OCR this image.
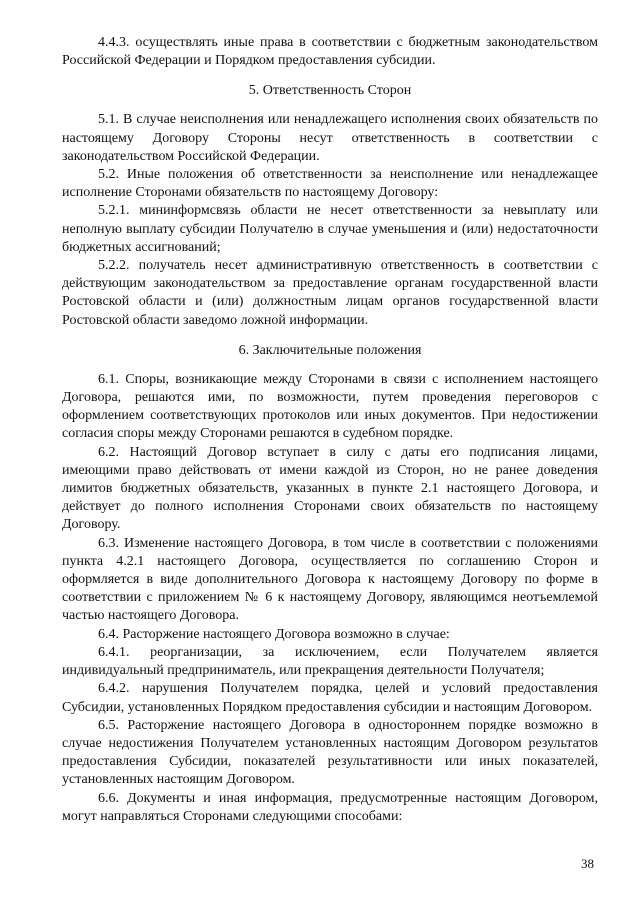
4.4.3. осуществлять иные права в соответствии с бюджетным законодательством Российской Федерации и Порядком предоставления субсидии.

5. Ответственность Сторон

5.1. В случае неисполнения или ненадлежащего исполнения своих обязательств по настоящему Договору Стороны несут ответственность в соответствии с законодательством Российской Федерации.

5.2. Иные положения об ответственности за неисполнение или ненадлежащее исполнение Сторонами обязательств по настоящему Договору:

5.2.1. мининформсвязь области не несет ответственности за невыплату или неполную выплату субсидии Получателю в случае уменьшения и (или) недостаточности бюджетных ассигнований;

5.2.2. получатель несет административную ответственность в соответствии с действующим законодательством за предоставление органам государственной власти Ростовской области и (или) должностным лицам органов государственной власти Ростовской области заведомо ложной информации.

6. Заключительные положения

6.1. Споры, возникающие между Сторонами в связи с исполнением настоящего Договора, решаются ими, по возможности, путем проведения переговоров с оформлением соответствующих протоколов или иных документов. При недостижении согласия споры между Сторонами решаются в судебном порядке.

6.2. Настоящий Договор вступает в силу с даты его подписания лицами, имеющими право действовать от имени каждой из Сторон, но не ранее доведения лимитов бюджетных обязательств, указанных в пункте 2.1 настоящего Договора, и действует до полного исполнения Сторонами своих обязательств по настоящему Договору.

6.3. Изменение настоящего Договора, в том числе в соответствии с положениями пункта 4.2.1 настоящего Договора, осуществляется по соглашению Сторон и оформляется в виде дополнительного Договора к настоящему Договору по форме в соответствии с приложением № 6 к настоящему Договору, являющимся неотъемлемой частью настоящего Договора.

6.4. Расторжение настоящего Договора возможно в случае:

6.4.1. реорганизации, за исключением, если Получателем является индивидуальный предприниматель, или прекращения деятельности Получателя;

6.4.2. нарушения Получателем порядка, целей и условий предоставления Субсидии, установленных Порядком предоставления субсидии и настоящим Договором.

6.5. Расторжение настоящего Договора в одностороннем порядке возможно в случае недостижения Получателем установленных настоящим Договором результатов предоставления Субсидии, показателей результативности или иных показателей, установленных настоящим Договором.

6.6. Документы и иная информация, предусмотренные настоящим Договором, могут направляться Сторонами следующими способами:

38
